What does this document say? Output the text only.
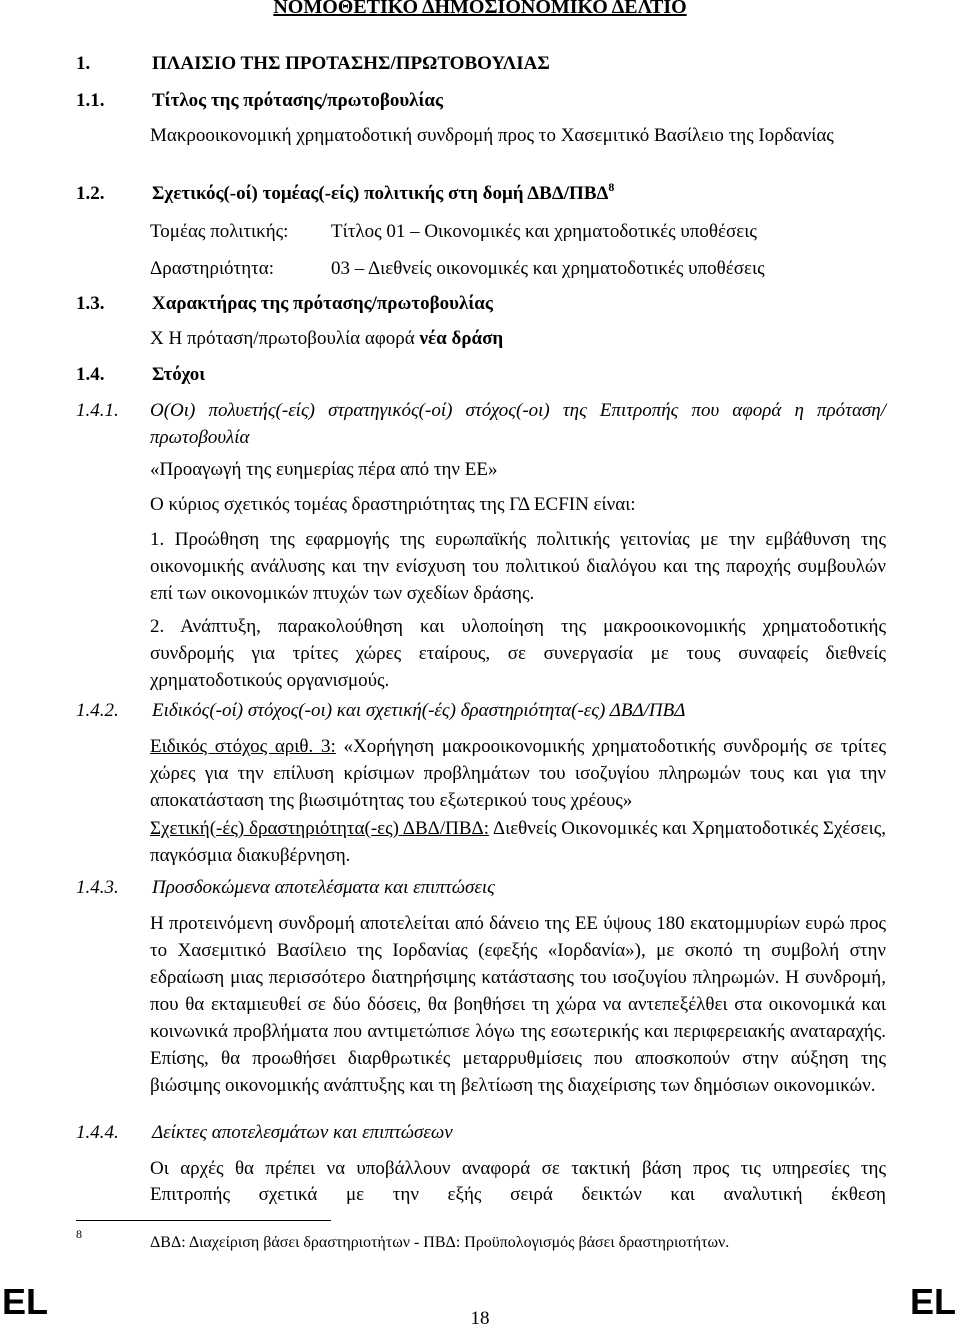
ΝΟΜΟΘΕΤΙΚΟ ΔΗΜΟΣΙΟΝΟΜΙΚΟ ΔΕΛΤΙΟ
1.	ΠΛΑΙΣΙΟ ΤΗΣ ΠΡΟΤΑΣΗΣ/ΠΡΩΤΟΒΟΥΛΙΑΣ
1.1.	Τίτλος της πρότασης/πρωτοβουλίας
Μακροοικονομική χρηματοδοτική συνδρομή προς το Χασεμιτικό Βασίλειο της Ιορδανίας
1.2.	Σχετικός(-οί) τομέας(-είς) πολιτικής στη δομή ΔΒΔ/ΠΒΔ$^8$
Τομέας πολιτικής: Τίτλος 01 – Οικονομικές και χρηματοδοτικές υποθέσεις
Δραστηριότητα:	03 – Διεθνείς οικονομικές και χρηματοδοτικές υποθέσεις
1.3.	Χαρακτήρας της πρότασης/πρωτοβουλίας
X Η πρόταση/πρωτοβουλία αφορά νέα δράση
1.4.	Στόχοι
1.4.1. Ο(Οι) πολυετής(-είς) στρατηγικός(-οί) στόχος(-οι) της Επιτροπής που αφορά η πρόταση/πρωτοβουλία
«Προαγωγή της ευημερίας πέρα από την ΕΕ»
Ο κύριος σχετικός τομέας δραστηριότητας της ΓΔ ECFIN είναι:
1. Προώθηση της εφαρμογής της ευρωπαϊκής πολιτικής γειτονίας με την εμβάθυνση της οικονομικής ανάλυσης και την ενίσχυση του πολιτικού διαλόγου και της παροχής συμβουλών επί των οικονομικών πτυχών των σχεδίων δράσης.
2. Ανάπτυξη, παρακολούθηση και υλοποίηση της μακροοικονομικής χρηματοδοτικής συνδρομής για τρίτες χώρες εταίρους, σε συνεργασία με τους συναφείς διεθνείς χρηματοδοτικούς οργανισμούς.
1.4.2. Ειδικός(-οί) στόχος(-οι) και σχετική(-ές) δραστηριότητα(-ες) ΔΒΔ/ΠΒΔ
Ειδικός στόχος αριθ. 3: «Χορήγηση μακροοικονομικής χρηματοδοτικής συνδρομής σε τρίτες χώρες για την επίλυση κρίσιμων προβλημάτων του ισοζυγίου πληρωμών τους και για την αποκατάσταση της βιωσιμότητας του εξωτερικού τους χρέους»
Σχετική(-ές) δραστηριότητα(-ες) ΔΒΔ/ΠΒΔ: Διεθνείς Οικονομικές και Χρηματοδοτικές Σχέσεις, παγκόσμια διακυβέρνηση.
1.4.3. Προσδοκώμενα αποτελέσματα και επιπτώσεις
Η προτεινόμενη συνδρομή αποτελείται από δάνειο της ΕΕ ύψους 180 εκατομμυρίων ευρώ προς το Χασεμιτικό Βασίλειο της Ιορδανίας (εφεξής «Ιορδανία»), με σκοπό τη συμβολή στην εδραίωση μιας περισσότερο διατηρήσιμης κατάστασης του ισοζυγίου πληρωμών. Η συνδρομή, που θα εκταμιευθεί σε δύο δόσεις, θα βοηθήσει τη χώρα να αντεπεξέλθει στα οικονομικά και κοινωνικά προβλήματα που αντιμετώπισε λόγω της εσωτερικής και περιφερειακής αναταραχής. Επίσης, θα προωθήσει διαρθρωτικές μεταρρυθμίσεις που αποσκοπούν στην αύξηση της βιώσιμης οικονομικής ανάπτυξης και τη βελτίωση της διαχείρισης των δημόσιων οικονομικών.
1.4.4. Δείκτες αποτελεσμάτων και επιπτώσεων
Οι αρχές θα πρέπει να υποβάλλουν αναφορά σε τακτική βάση προς τις υπηρεσίες της
Επιτροπής σχετικά με την εξής σειρά δεικτών και αναλυτική έκθεση
8	ΔΒΔ: Διαχείριση βάσει δραστηριοτήτων - ΠΒΔ: Προϋπολογισμός βάσει δραστηριοτήτων.
EL	18	EL
